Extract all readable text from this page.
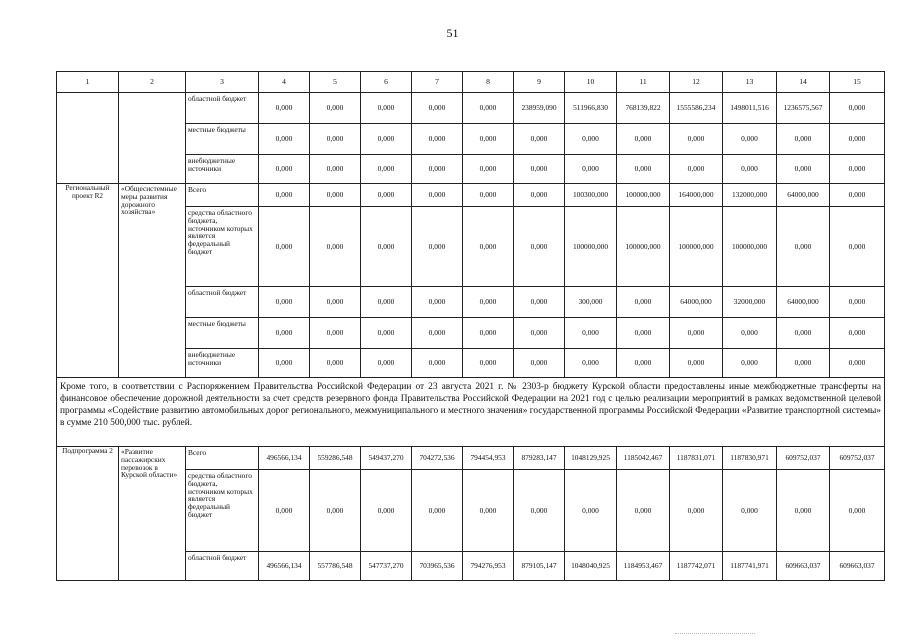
51
1	2	3	4	5	6	7	8	9	10	11	12	13	14	15
		областной бюджет	0,000	0,000	0,000	0,000	0,000	238959,090	511966,830	768139,822	1555586,234	1498011,516	1236575,567	0,000
		местные бюджеты	0,000	0,000	0,000	0,000	0,000	0,000	0,000	0,000	0,000	0,000	0,000	0,000
		внебюджетные источники	0,000	0,000	0,000	0,000	0,000	0,000	0,000	0,000	0,000	0,000	0,000	0,000
Региональный проект R2	«Общесистемные меры развития дорожного хозяйства»	Всего	0,000	0,000	0,000	0,000	0,000	0,000	100300,000	100000,000	164000,000	132000,000	64000,000	0,000
		средства областного бюджета, источником которых является федеральный бюджет	0,000	0,000	0,000	0,000	0,000	0,000	100000,000	100000,000	100000,000	100000,000	0,000	0,000
		областной бюджет	0,000	0,000	0,000	0,000	0,000	0,000	300,000	0,000	64000,000	32000,000	64000,000	0,000
		местные бюджеты	0,000	0,000	0,000	0,000	0,000	0,000	0,000	0,000	0,000	0,000	0,000	0,000
		внебюджетные источники	0,000	0,000	0,000	0,000	0,000	0,000	0,000	0,000	0,000	0,000	0,000	0,000
Кроме того, в соответствии с Распоряжением Правительства Российской Федерации от 23 августа 2021 г. № 2303-р бюджету Курской области предоставлены иные межбюджетные трансферты на финансовое обеспечение дорожной деятельности за счет средств резервного фонда Правительства Российской Федерации на 2021 год с целью реализации мероприятий в рамках ведомственной целевой программы «Содействие развитию автомобильных дорог регионального, межмуниципального и местного значения» государственной программы Российской Федерации «Развитие транспортной системы» в сумме 210 500,000 тыс. рублей.														
Подпрограмма 2	«Развитие пассажирских перевозок в Курской области»	Всего	496566,134	559286,548	549437,270	704272,536	794454,953	879283,147	1048129,925	1185042,467	1187831,071	1187830,971	609752,037	609752,037
		средства областного бюджета, источником которых является федеральный бюджет	0,000	0,000	0,000	0,000	0,000	0,000	0,000	0,000	0,000	0,000	0,000	0,000
		областной бюджет	496566,134	557786,548	547737,270	703965,536	794276,953	879105,147	1048040,925	1184953,467	1187742,071	1187741,971	609663,037	609663,037
